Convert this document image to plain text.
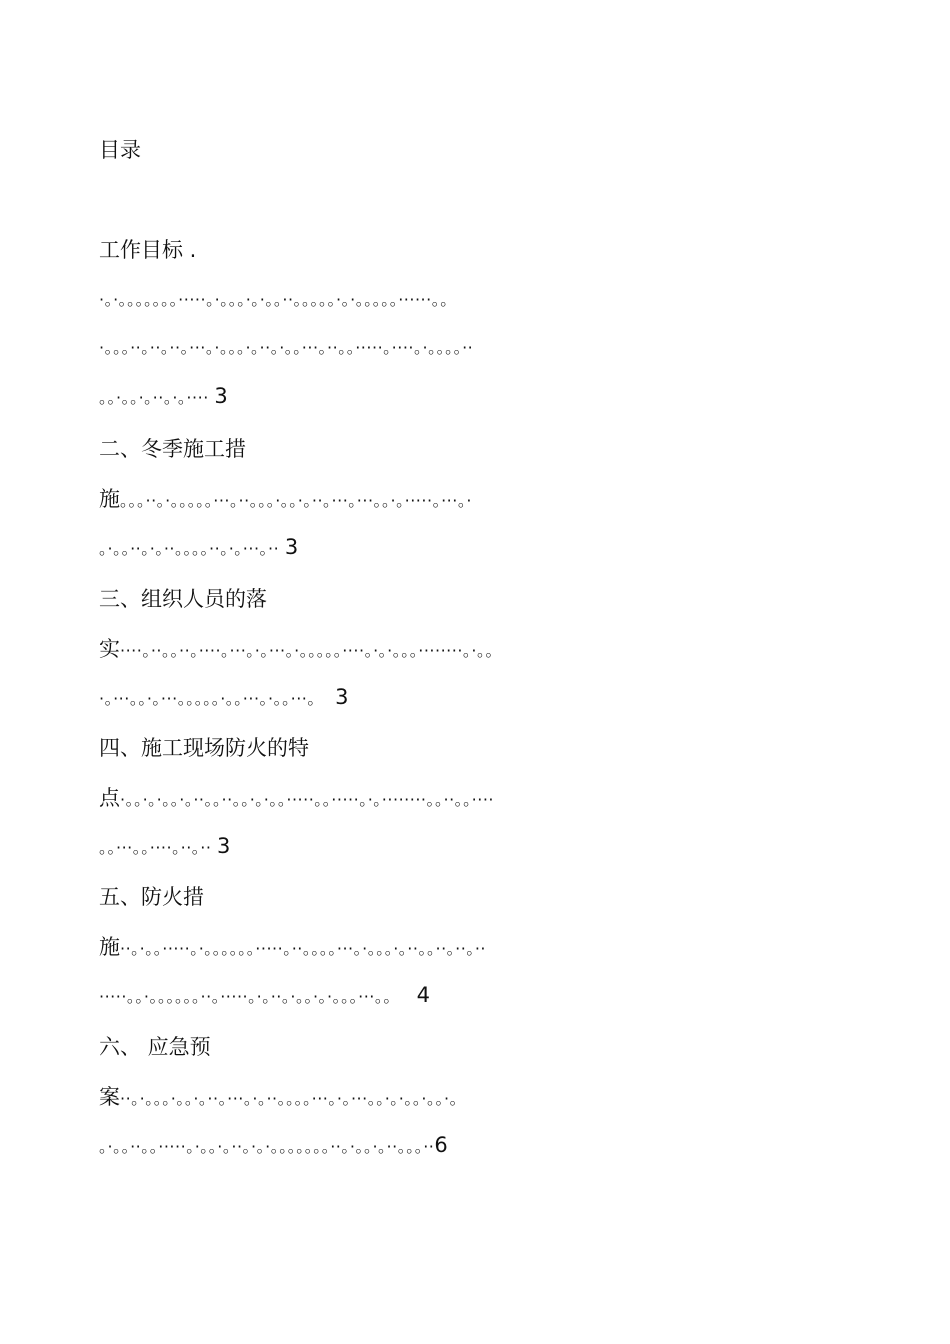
目录
工作目标 .
·。·。。。。。。。·····。·。。。·。·。。··。。。。。·。·。。。。。······。。
·。。。··。··。··。···。·。。。·。··。·。。···。··。。·····。····。·。。。。··
。。·。。·。··。·。···· 3
二、冬季施工措
施。。。··。·。。。。。···。··。。。·。。·。··。···。···。。·。·····。···。·
。·。。··。·。··。。。。··。·。···。·· 3
三、组织人员的落
实····。··。。··。····。···。·。···。·。。。。。····。·。·。。。········。·。。
·。···。。·。···。。。。。·。。···。·。。···。 3
四、施工现场防火的特
点·。。·。·。。·。··。。··。。·。·。。·····。。·····。·。········。。··。。····
。。···。。····。··。·· 3
五、防火措
施··。·。。·····。·。。。。。。·····。··。。。。···。·。。。·。··。。··。··。··
·····。。·。。。。。。··。·····。·。··。·。。·。·。。。···。。 4
六、 应急预
案··。·。。。·。。·。··。···。·。··。。。。···。·。···。。·。·。。·。。·。
。·。。··。。·····。·。。·。··。·。·。。。。。。。··。·。。·。··。。。··6
